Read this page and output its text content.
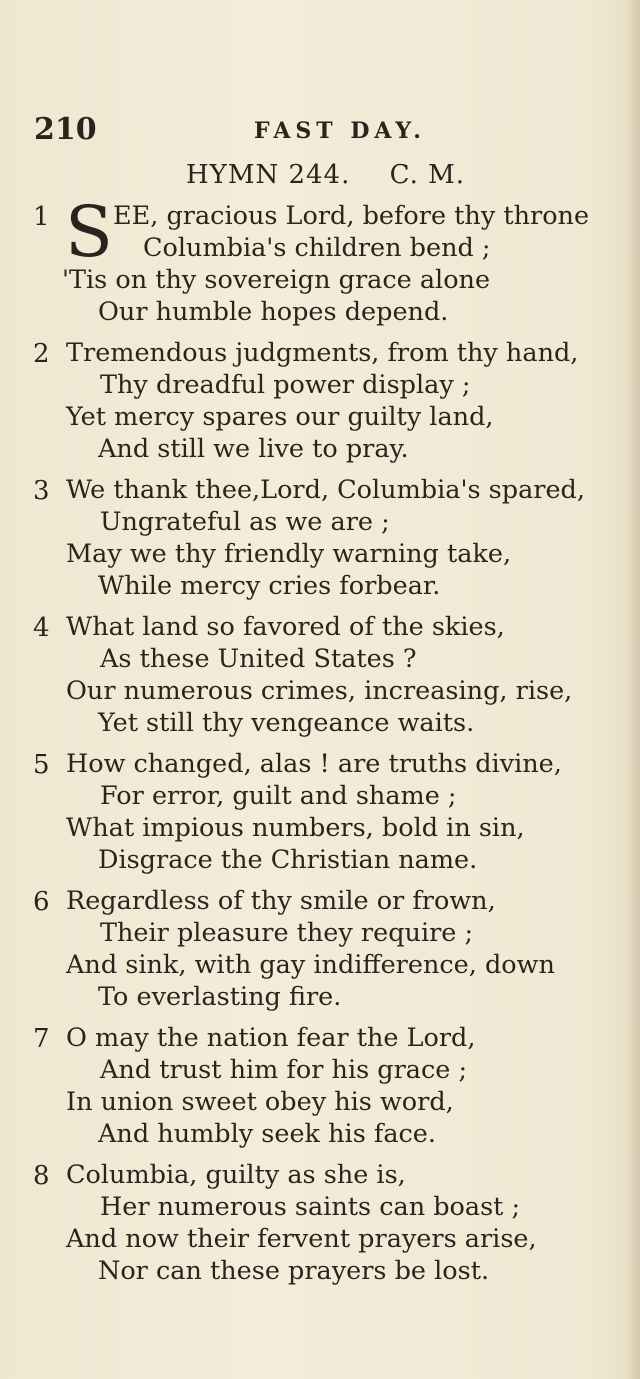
210	FAST DAY.
HYMN 244. C. M.
1 S EE, gracious Lord, before thy throne
Columbia's children bend ;
'Tis on thy sovereign grace alone
Our humble hopes depend.
2 Tremendous judgments, from thy hand,
Thy dreadful power display ;
Yet mercy spares our guilty land,
And still we live to pray.
3 We thank thee,Lord, Columbia's spared,
Ungrateful as we are ;
May we thy friendly warning take,
While mercy cries forbear.
4 What land so favored of the skies,
As these United States ?
Our numerous crimes, increasing, rise,
Yet still thy vengeance waits.
5 How changed, alas ! are truths divine,
For error, guilt and shame ;
What impious numbers, bold in sin,
Disgrace the Christian name.
6 Regardless of thy smile or frown,
Their pleasure they require ;
And sink, with gay indifference, down
To everlasting fire.
7 O may the nation fear the Lord,
And trust him for his grace ;
In union sweet obey his word,
And humbly seek his face.
8 Columbia, guilty as she is,
Her numerous saints can boast ;
And now their fervent prayers arise,
Nor can these prayers be lost.
